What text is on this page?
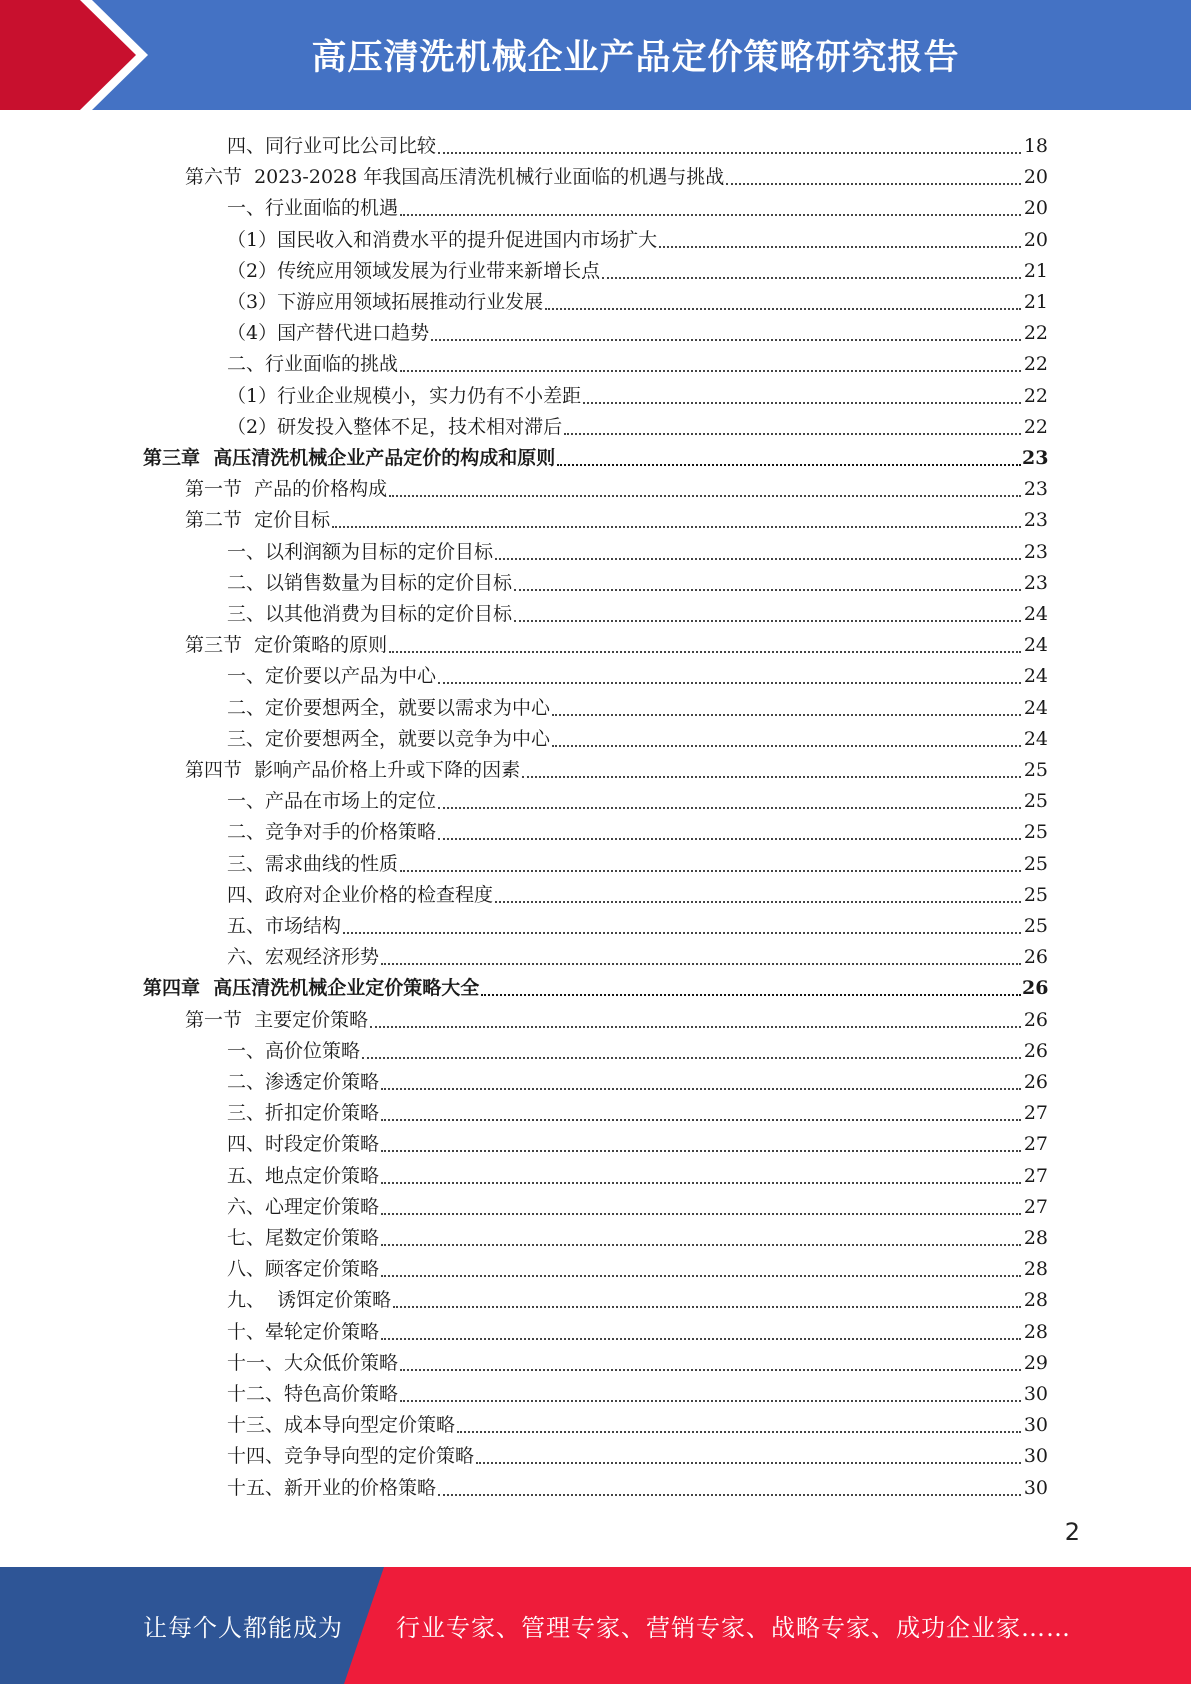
高压清洗机械企业产品定价策略研究报告
四、同行业可比公司比较	18
第六节  2023-2028 年我国高压清洗机械行业面临的机遇与挑战	20
一、行业面临的机遇	20
（1）国民收入和消费水平的提升促进国内市场扩大	20
（2）传统应用领域发展为行业带来新增长点	21
（3）下游应用领域拓展推动行业发展	21
（4）国产替代进口趋势	22
二、行业面临的挑战	22
（1）行业企业规模小，实力仍有不小差距	22
（2）研发投入整体不足，技术相对滞后	22
第三章  高压清洗机械企业产品定价的构成和原则	23
第一节  产品的价格构成	23
第二节  定价目标	23
一、以利润额为目标的定价目标	23
二、以销售数量为目标的定价目标	23
三、以其他消费为目标的定价目标	24
第三节  定价策略的原则	24
一、定价要以产品为中心	24
二、定价要想两全，就要以需求为中心	24
三、定价要想两全，就要以竞争为中心	24
第四节  影响产品价格上升或下降的因素	25
一、产品在市场上的定位	25
二、竞争对手的价格策略	25
三、需求曲线的性质	25
四、政府对企业价格的检查程度	25
五、市场结构	25
六、宏观经济形势	26
第四章  高压清洗机械企业定价策略大全	26
第一节  主要定价策略	26
一、高价位策略	26
二、渗透定价策略	26
三、折扣定价策略	27
四、时段定价策略	27
五、地点定价策略	27
六、心理定价策略	27
七、尾数定价策略	28
八、顾客定价策略	28
九、  诱饵定价策略	28
十、晕轮定价策略	28
十一、大众低价策略	29
十二、特色高价策略	30
十三、成本导向型定价策略	30
十四、竞争导向型的定价策略	30
十五、新开业的价格策略	30
2
让每个人都能成为 行业专家、管理专家、营销专家、战略专家、成功企业家……
